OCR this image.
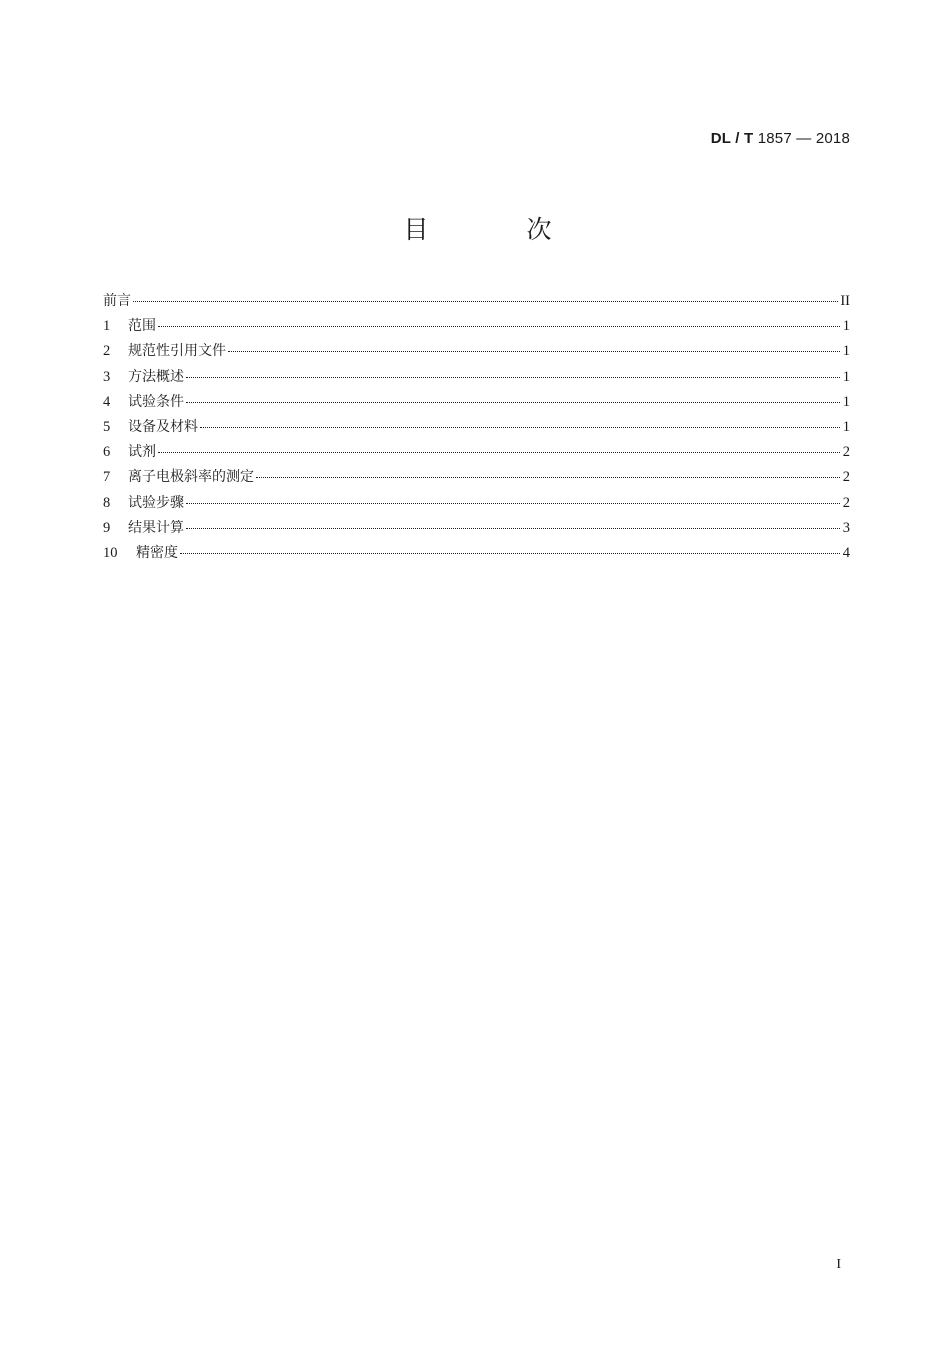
DL / T 1857 — 2018
目 次
前言	II
1	范围	1
2	规范性引用文件	1
3	方法概述	1
4	试验条件	1
5	设备及材料	1
6	试剂	2
7	离子电极斜率的测定	2
8	试验步骤	2
9	结果计算	3
10	精密度	4
I
